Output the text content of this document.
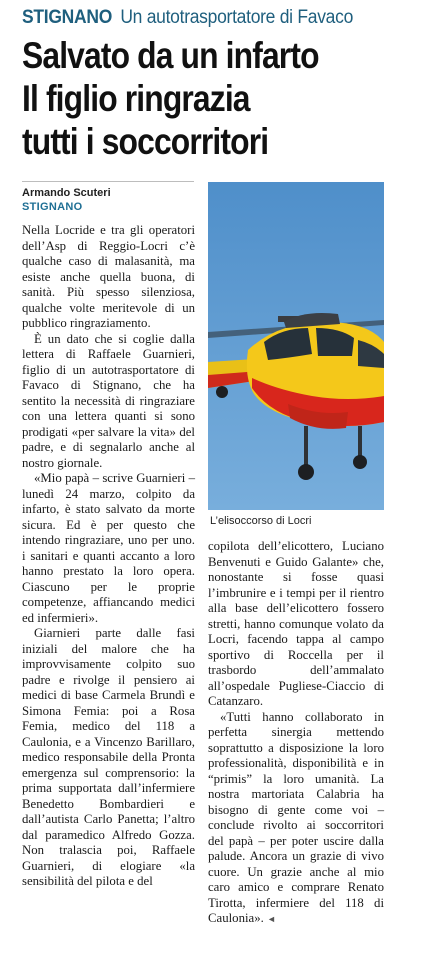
STIGNANO Un autotrasportatore di Favaco
Salvato da un infarto
Il figlio ringrazia
tutti i soccorritori
Armando Scuteri
STIGNANO

Nella Locride e tra gli operatori dell’Asp di Reggio-Locri c’è qualche caso di malasanità, ma esiste anche quella buona, di sanità. Più spesso silenziosa, qualche volte meritevole di un pubblico ringraziamento.

È un dato che si coglie dalla lettera di Raffaele Guarnieri, figlio di un autotrasportatore di Favaco di Stignano, che ha sentito la necessità di ringraziare con una lettera quanti si sono prodigati «per salvare la vita» del padre, e di segnalarlo anche al nostro giornale.

«Mio papà – scrive Guarnieri – lunedì 24 marzo, colpito da infarto, è stato salvato da morte sicura. Ed è per questo che intendo ringraziare, uno per uno. i sanitari e quanti accanto a loro hanno prestato la loro opera. Ciascuno per le proprie competenze, affiancando medici ed infermieri».

Giarnieri parte dalle fasi iniziali del malore che ha improvvisamente colpito suo padre e rivolge il pensiero ai medici di base Carmela Brundì e Simona Femia: poi a Rosa Femia, medico del 118 a Caulonia, e a Vincenzo Barillaro, medico responsabile della Pronta emergenza sul comprensorio: la prima supportata dall’infermiere Benedetto Bombardieri e dall’autista Carlo Panetta; l’altro dal paramedico Alfredo Gozza. Non tralascia poi, Raffaele Guarnieri, di elogiare «la sensibilità del pilota e del

L’elisoccorso di Locri

copilota dell’elicottero, Luciano Benvenuti e Guido Galante» che, nonostante si fosse quasi l’imbrunire e i tempi per il rientro alla base dell’elicottero fossero stretti, hanno comunque volato da Locri, facendo tappa al campo sportivo di Roccella per il trasbordo dell’ammalato all’ospedale Pugliese-Ciaccio di Catanzaro.

«Tutti hanno collaborato in perfetta sinergia mettendo soprattutto a disposizione la loro professionalità, disponibilità e in “primis” la loro umanità. La nostra martoriata Calabria ha bisogno di gente come voi – conclude rivolto ai soccorritori del papà – per poter uscire dalla palude. Ancora un grazie di vivo cuore. Un grazie anche al mio caro amico e comprare Renato Tirotta, infermiere del 118 di Caulonia». ◄
